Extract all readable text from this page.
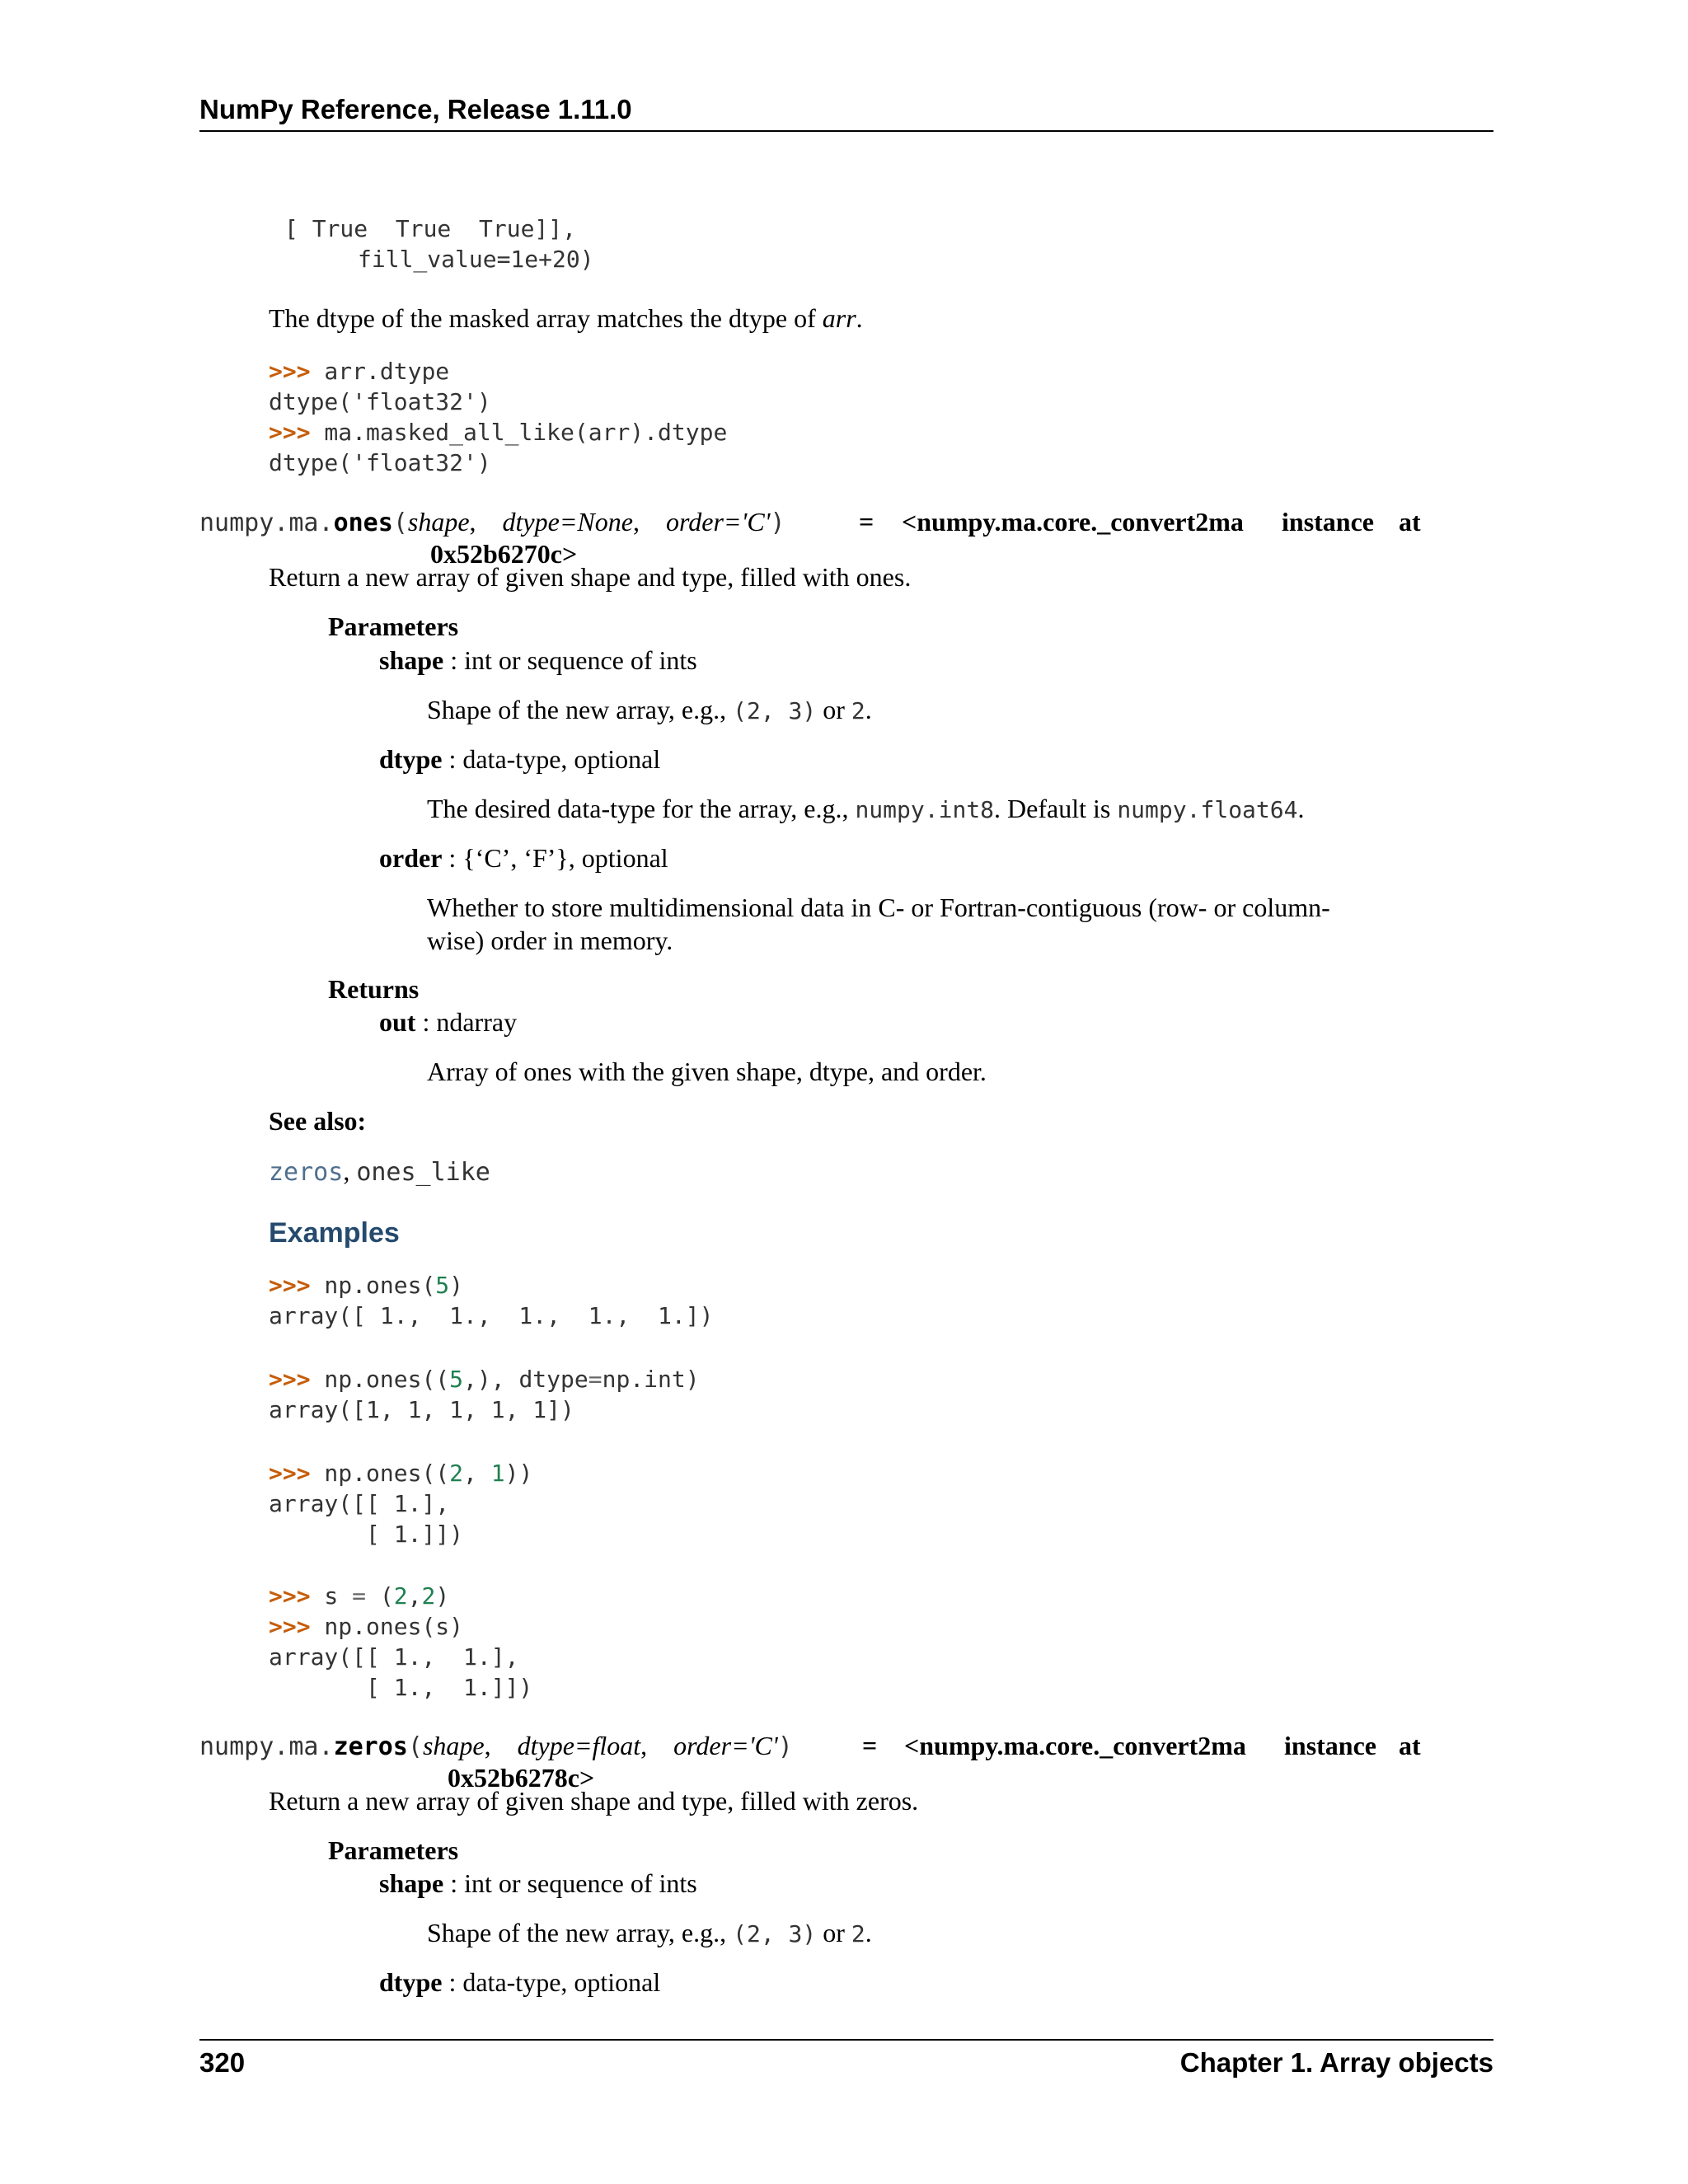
NumPy Reference, Release 1.11.0
[ True  True  True]],
fill_value=1e+20)
The dtype of the masked array matches the dtype of arr.
>>> arr.dtype
dtype('float32')
>>> ma.masked_all_like(arr).dtype
dtype('float32')
numpy.ma.ones(shape,    dtype=None,    order='C')	= <numpy.ma.core._convert2ma instance at
0x52b6270c>
Return a new array of given shape and type, filled with ones.
Parameters
shape : int or sequence of ints
Shape of the new array, e.g., (2, 3) or 2.
dtype : data-type, optional
The desired data-type for the array, e.g., numpy.int8. Default is numpy.float64.
order : {‘C’, ‘F’}, optional
Whether to store multidimensional data in C- or Fortran-contiguous (row- or column-
wise) order in memory.
Returns
out : ndarray
Array of ones with the given shape, dtype, and order.
See also:
zeros, ones_like
Examples
>>> np.ones(5)
array([ 1.,  1.,  1.,  1.,  1.])
>>> np.ones((5,), dtype=np.int)
array([1, 1, 1, 1, 1])
>>> np.ones((2, 1))
array([[ 1.],
[ 1.]])
>>> s = (2,2)
>>> np.ones(s)
array([[ 1.,  1.],
[ 1.,  1.]])
numpy.ma.zeros(shape,    dtype=float,    order='C')	= <numpy.ma.core._convert2ma instance at
0x52b6278c>
Return a new array of given shape and type, filled with zeros.
Parameters
shape : int or sequence of ints
Shape of the new array, e.g., (2, 3) or 2.
dtype : data-type, optional
320	Chapter 1. Array objects
